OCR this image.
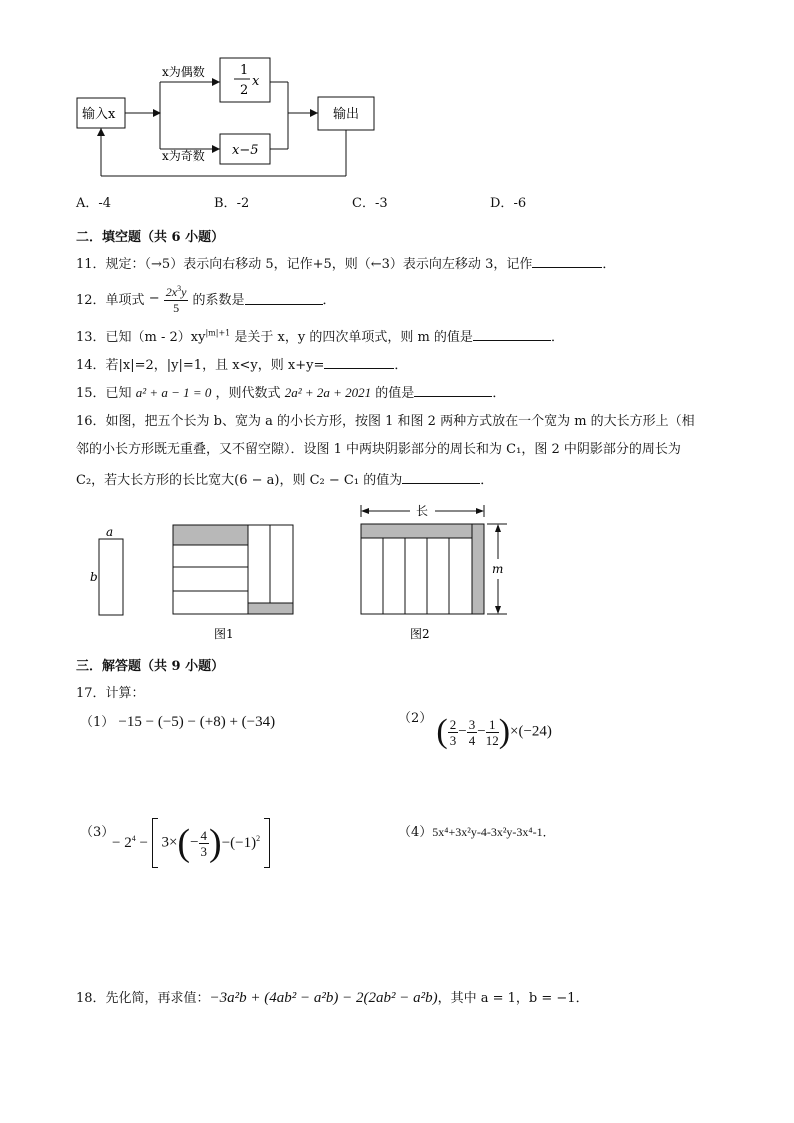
输入x
x为偶数
x为奇数
1
2
x
x−5
输出
A．-4	B．-2	C．-3	D．-6
二．填空题（共 6 小题）
11．规定：（→5）表示向右移动 5，记作+5，则（←3）表示向左移动 3，记作	．
12．单项式 − $\frac{2x^3y}{5}$ 的系数是	．
13．已知$(m - 2)xy^{|m|+1}$ 是关于 x，y 的四次单项式，则 m 的值是	．
14．若|x|=2，|y|=1，且 x<y，则 x+y=	．
15．已知 a² + a − 1 = 0 ，则代数式 2a² + 2a + 2021 的值是	．
16．如图，把五个长为 b、宽为 a 的小长方形，按图 1 和图 2 两种方式放在一个宽为 m 的大长方形上（相
邻的小长方形既无重叠，又不留空隙）．设图 1 中两块阴影部分的周长和为 C₁，图 2 中阴影部分的周长为
C₂，若大长方形的长比宽大(6 − a)，则 C₂ − C₁ 的值为	．
a
b
图1
长
m
图2
三．解答题（共 9 小题）
17．计算：
（1） −15 − (−5) − (+8) + (−34)	（2） ( $\frac{2}{3} - \frac{3}{4} - \frac{1}{12} )\times(-24)$
（3）
− $2^4 - 3\times(- \frac{4}{3} )-(-1)^2$	（4）5x⁴+3x²y-4-3x²y-3x⁴-1．
18．先化简，再求值：−3a²b + (4ab² − a²b) − 2(2ab² − a²b)，其中 a = 1，b = −1．
